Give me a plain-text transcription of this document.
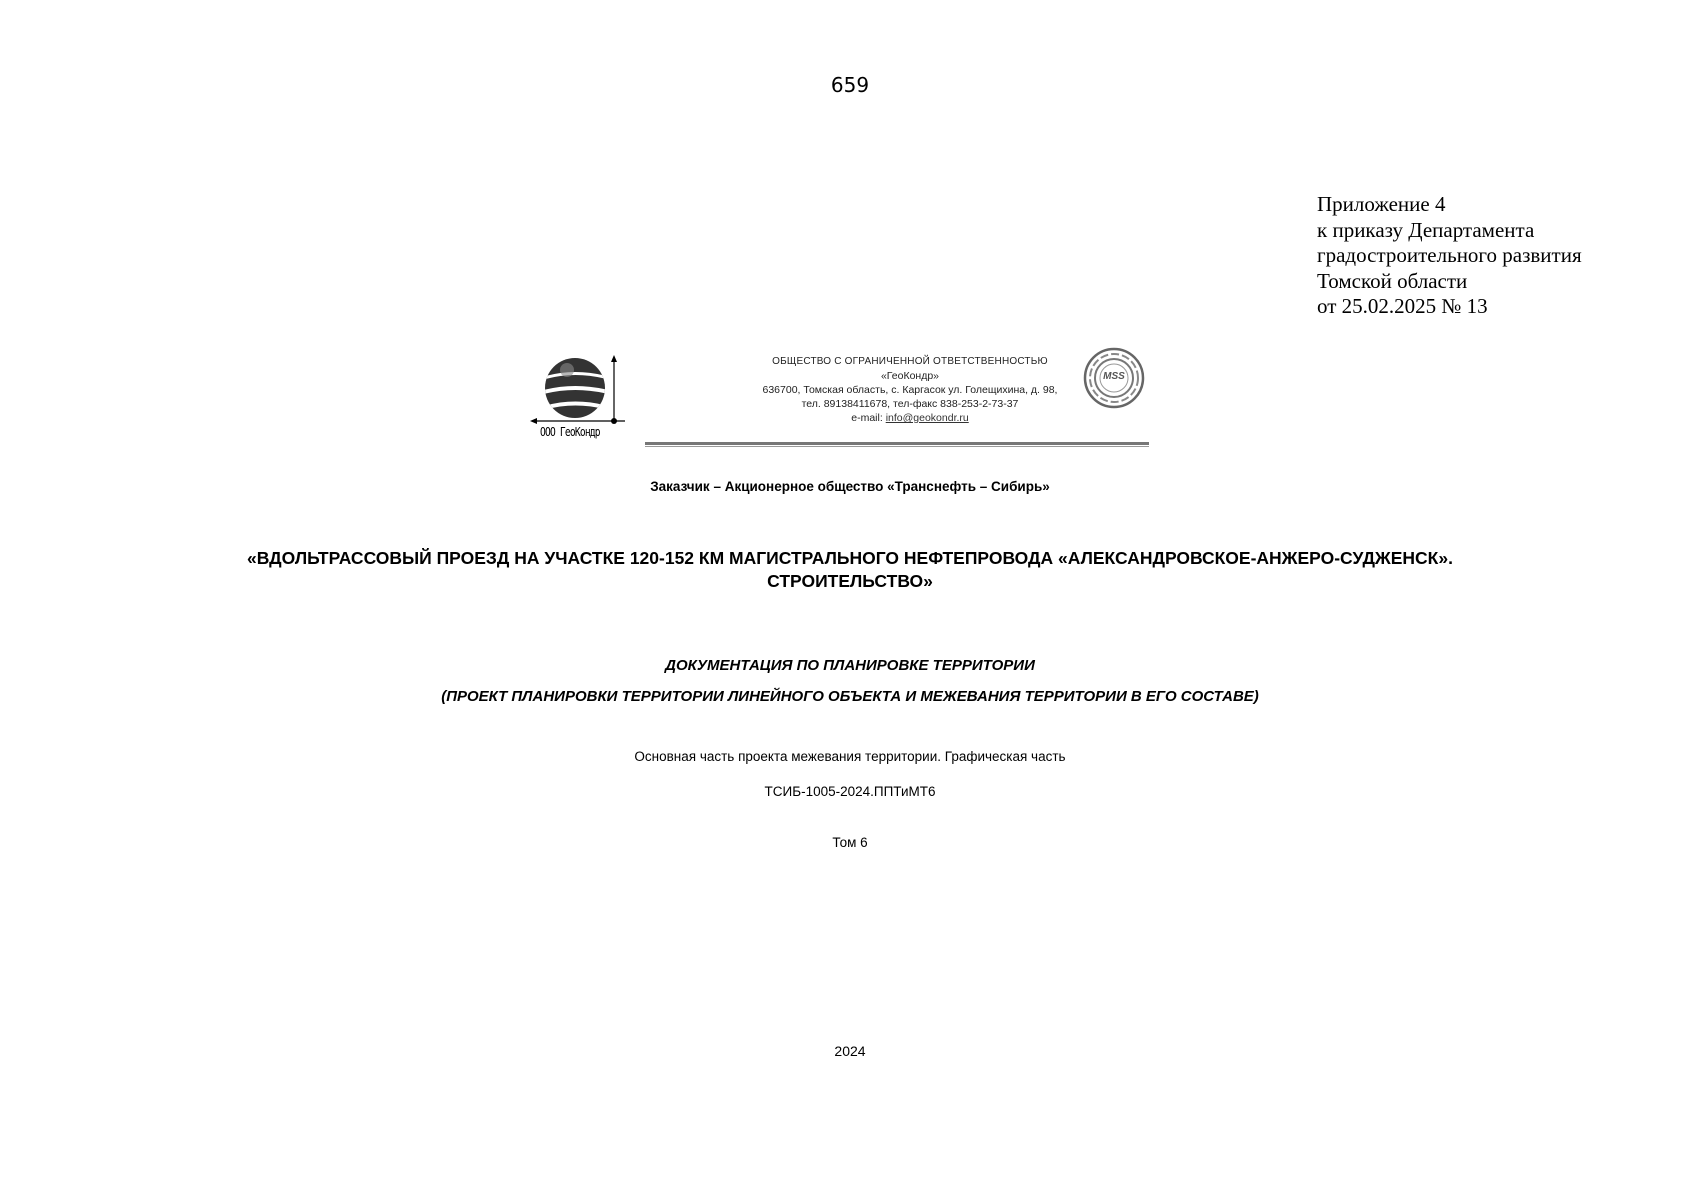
659
Приложение 4
к приказу Департамента
градостроительного развития
Томской области
от 25.02.2025 № 13
ООО ГеоКондр
ОБЩЕСТВО С ОГРАНИЧЕННОЙ ОТВЕТСТВЕННОСТЬЮ
«ГеоКондр»
636700, Томская область, с. Каргасок ул. Голещихина, д. 98,
тел. 89138411678, тел-факс 838-253-2-73-37
e-mail: info@geokondr.ru
MSS
Заказчик – Акционерное общество «Транснефть – Сибирь»
«ВДОЛЬТРАССОВЫЙ ПРОЕЗД НА УЧАСТКЕ 120-152 КМ МАГИСТРАЛЬНОГО НЕФТЕПРОВОДА «АЛЕКСАНДРОВСКОЕ-АНЖЕРО-СУДЖЕНСК».
СТРОИТЕЛЬСТВО»
ДОКУМЕНТАЦИЯ ПО ПЛАНИРОВКЕ ТЕРРИТОРИИ
(ПРОЕКТ ПЛАНИРОВКИ ТЕРРИТОРИИ ЛИНЕЙНОГО ОБЪЕКТА И МЕЖЕВАНИЯ ТЕРРИТОРИИ В ЕГО СОСТАВЕ)
Основная часть проекта межевания территории. Графическая часть
ТСИБ-1005-2024.ППТиМТ6
Том 6
2024
